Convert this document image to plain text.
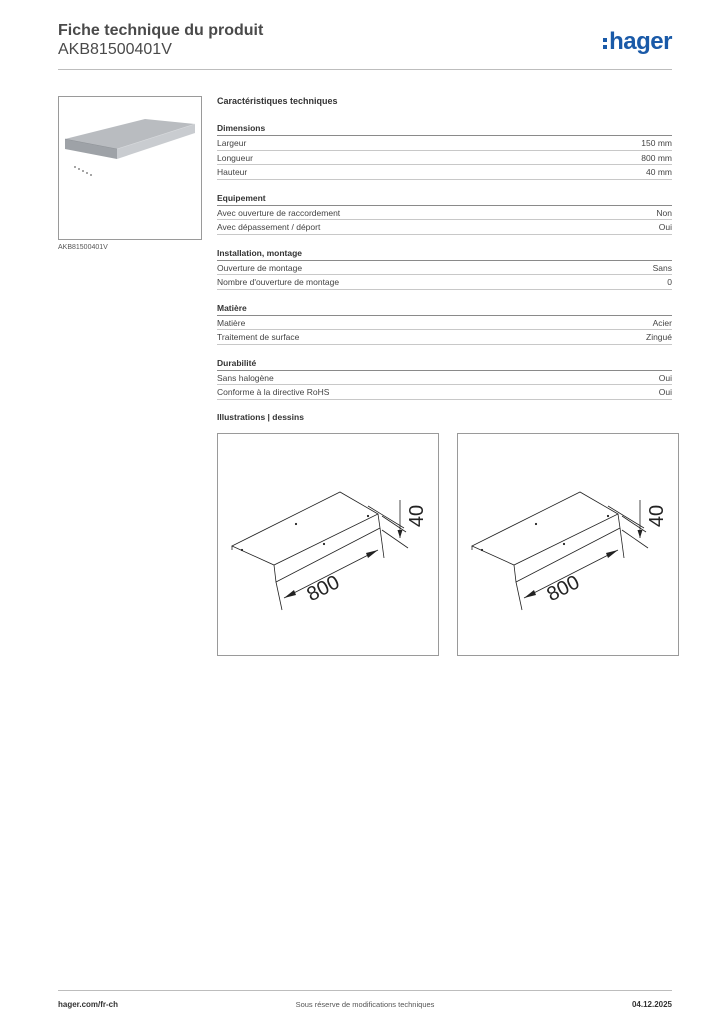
Fiche technique du produit
AKB81500401V	hager
AKB81500401V
Caractéristiques techniques
Dimensions
Largeur	150 mm
Longueur	800 mm
Hauteur	40 mm
Equipement
Avec ouverture de raccordement	Non
Avec dépassement / déport	Oui
Installation, montage
Ouverture de montage	Sans
Nombre d'ouverture de montage	0
Matière
Matière	Acier
Traitement de surface	Zingué
Durabilité
Sans halogène	Oui
Conforme à la directive RoHS	Oui
Illustrations | dessins
800
40
800
40
hager.com/fr-ch	Sous réserve de modifications techniques	04.12.2025
